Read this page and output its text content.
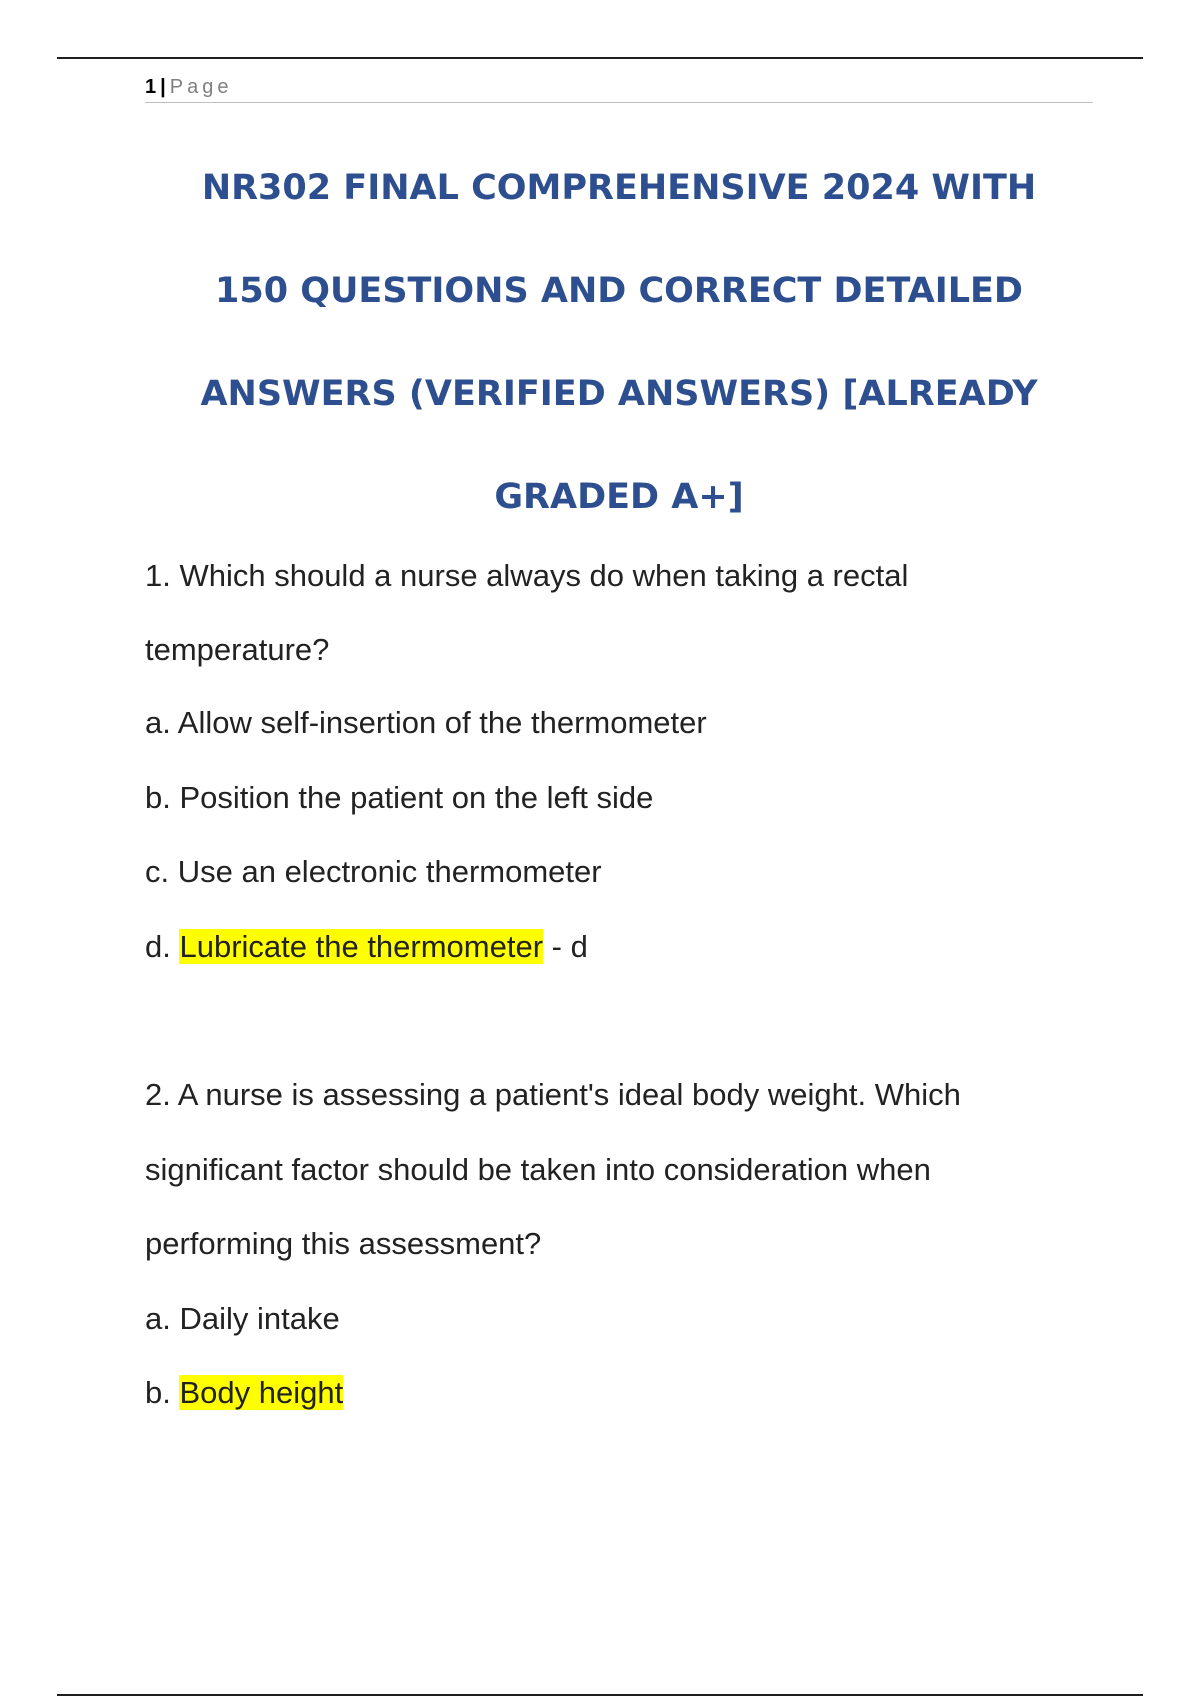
1 | Page
NR302 FINAL COMPREHENSIVE 2024 WITH
150 QUESTIONS AND CORRECT DETAILED
ANSWERS (VERIFIED ANSWERS) [ALREADY
GRADED A+]
1. Which should a nurse always do when taking a rectal
temperature?
a. Allow self-insertion of the thermometer
b. Position the patient on the left side
c. Use an electronic thermometer
d. Lubricate the thermometer - d
2. A nurse is assessing a patient's ideal body weight. Which
significant factor should be taken into consideration when
performing this assessment?
a. Daily intake
b. Body height
